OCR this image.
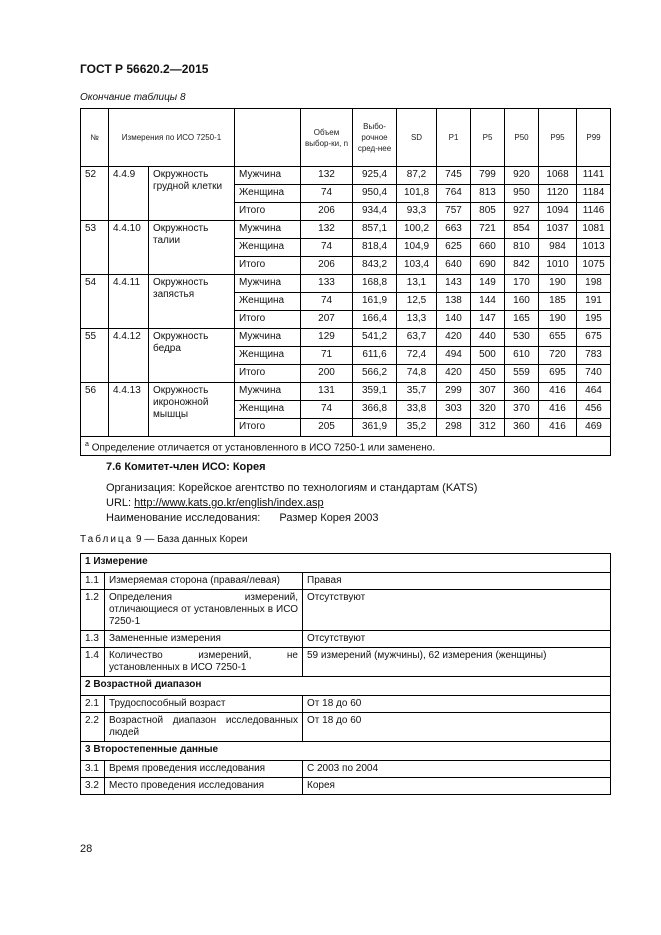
ГОСТ Р 56620.2—2015
Окончание таблицы 8
№	Измерения по ИСО 7250-1			Объем выбор-ки, n	Выбо-рочное сред-нее	SD	P1	P5	P50	P95	P99
52	4.4.9	Окружность грудной клетки	Мужчина	132	925,4	87,2	745	799	920	1068	1141
			Женщина	74	950,4	101,8	764	813	950	1120	1184
			Итого	206	934,4	93,3	757	805	927	1094	1146
53	4.4.10	Окружность талии	Мужчина	132	857,1	100,2	663	721	854	1037	1081
			Женщина	74	818,4	104,9	625	660	810	984	1013
			Итого	206	843,2	103,4	640	690	842	1010	1075
54	4.4.11	Окружность запястья	Мужчина	133	168,8	13,1	143	149	170	190	198
			Женщина	74	161,9	12,5	138	144	160	185	191
			Итого	207	166,4	13,3	140	147	165	190	195
55	4.4.12	Окружность бедра	Мужчина	129	541,2	63,7	420	440	530	655	675
			Женщина	71	611,6	72,4	494	500	610	720	783
			Итого	200	566,2	74,8	420	450	559	695	740
56	4.4.13	Окружность икроножной мышцы	Мужчина	131	359,1	35,7	299	307	360	416	464
			Женщина	74	366,8	33,8	303	320	370	416	456
			Итого	205	361,9	35,2	298	312	360	416	469
$^a$ Определение отличается от установленного в ИСО 7250-1 или заменено.											
7.6 Комитет-член ИСО: Корея
Организация: Корейское агентство по технологиям и стандартам (KATS)
URL: http://www.kats.go.kr/english/index.asp
Наименование исследования: Размер Корея 2003
Таблица 9 — База данных Кореи
1 Измерение		
1.1	Измеряемая сторона (правая/левая)	Правая
1.2	Определения измерений, отличающиеся от установленных в ИСО 7250-1	Отсутствуют
1.3	Замененные измерения	Отсутствуют
1.4	Количество измерений, не установленных в ИСО 7250-1	59 измерений (мужчины), 62 измерения (женщины)
2 Возрастной диапазон		
2.1	Трудоспособный возраст	От 18 до 60
2.2	Возрастной диапазон исследованных людей	От 18 до 60
3 Второстепенные данные		
3.1	Время проведения исследования	С 2003 по 2004
3.2	Место проведения исследования	Корея
28
